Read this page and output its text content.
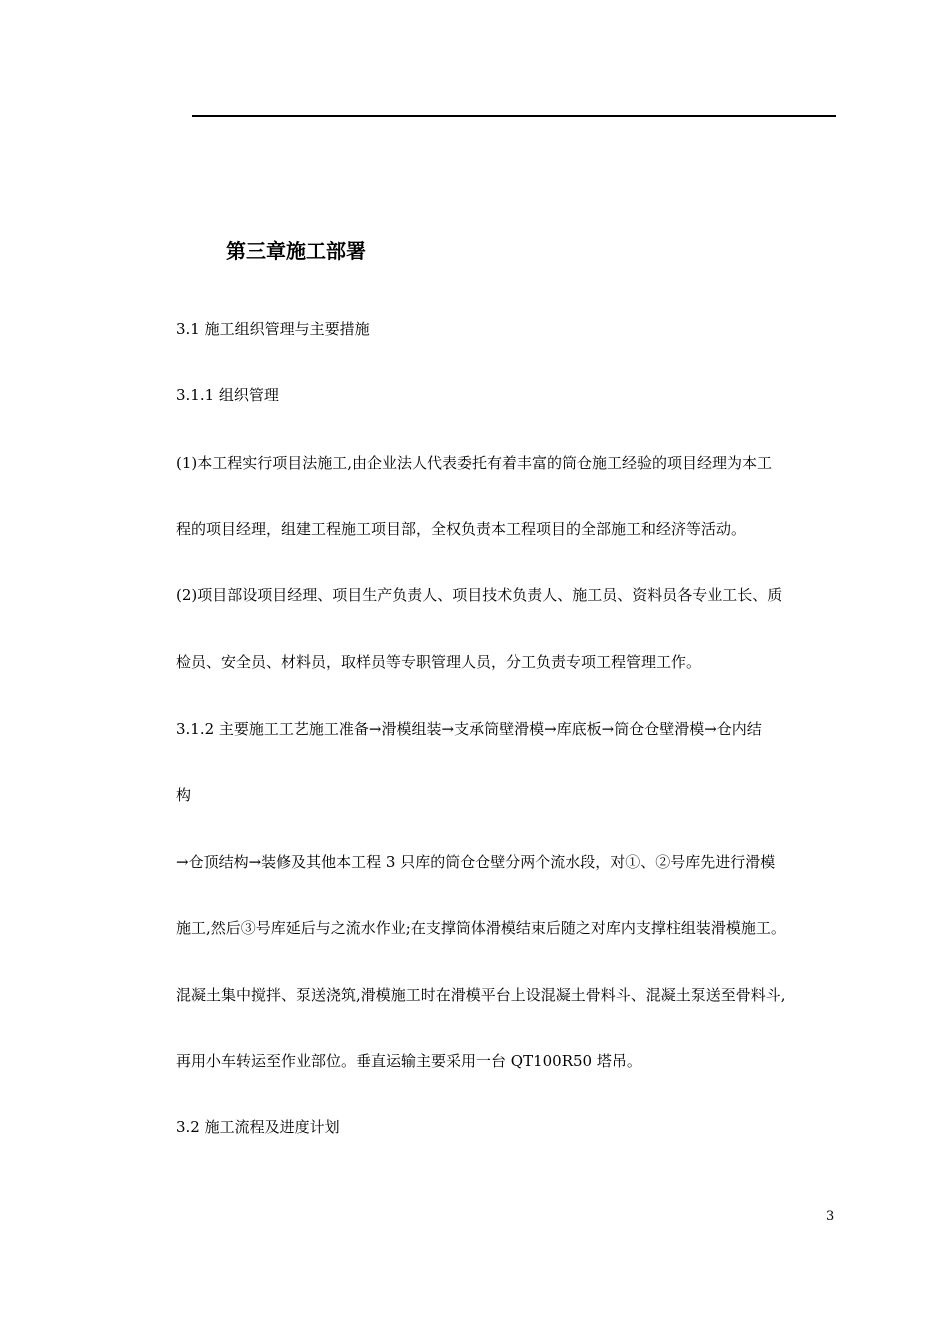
第三章施工部署
3.1 施工组织管理与主要措施
3.1.1 组织管理
(1)本工程实行项目法施工,由企业法人代表委托有着丰富的筒仓施工经验的项目经理为本工
程的项目经理，组建工程施工项目部，全权负责本工程项目的全部施工和经济等活动。
(2)项目部设项目经理、项目生产负责人、项目技术负责人、施工员、资料员各专业工长、质
检员、安全员、材料员，取样员等专职管理人员，分工负责专项工程管理工作。
3.1.2 主要施工工艺施工准备→滑模组装→支承筒壁滑模→库底板→筒仓仓壁滑模→仓内结
构
→仓顶结构→装修及其他本工程 3 只库的筒仓仓壁分两个流水段，对①、②号库先进行滑模
施工,然后③号库延后与之流水作业;在支撑筒体滑模结束后随之对库内支撑柱组装滑模施工。
混凝土集中搅拌、泵送浇筑,滑模施工时在滑模平台上设混凝土骨料斗、混凝土泵送至骨料斗,
再用小车转运至作业部位。垂直运输主要采用一台 QT100R50 塔吊。
3.2 施工流程及进度计划
3
